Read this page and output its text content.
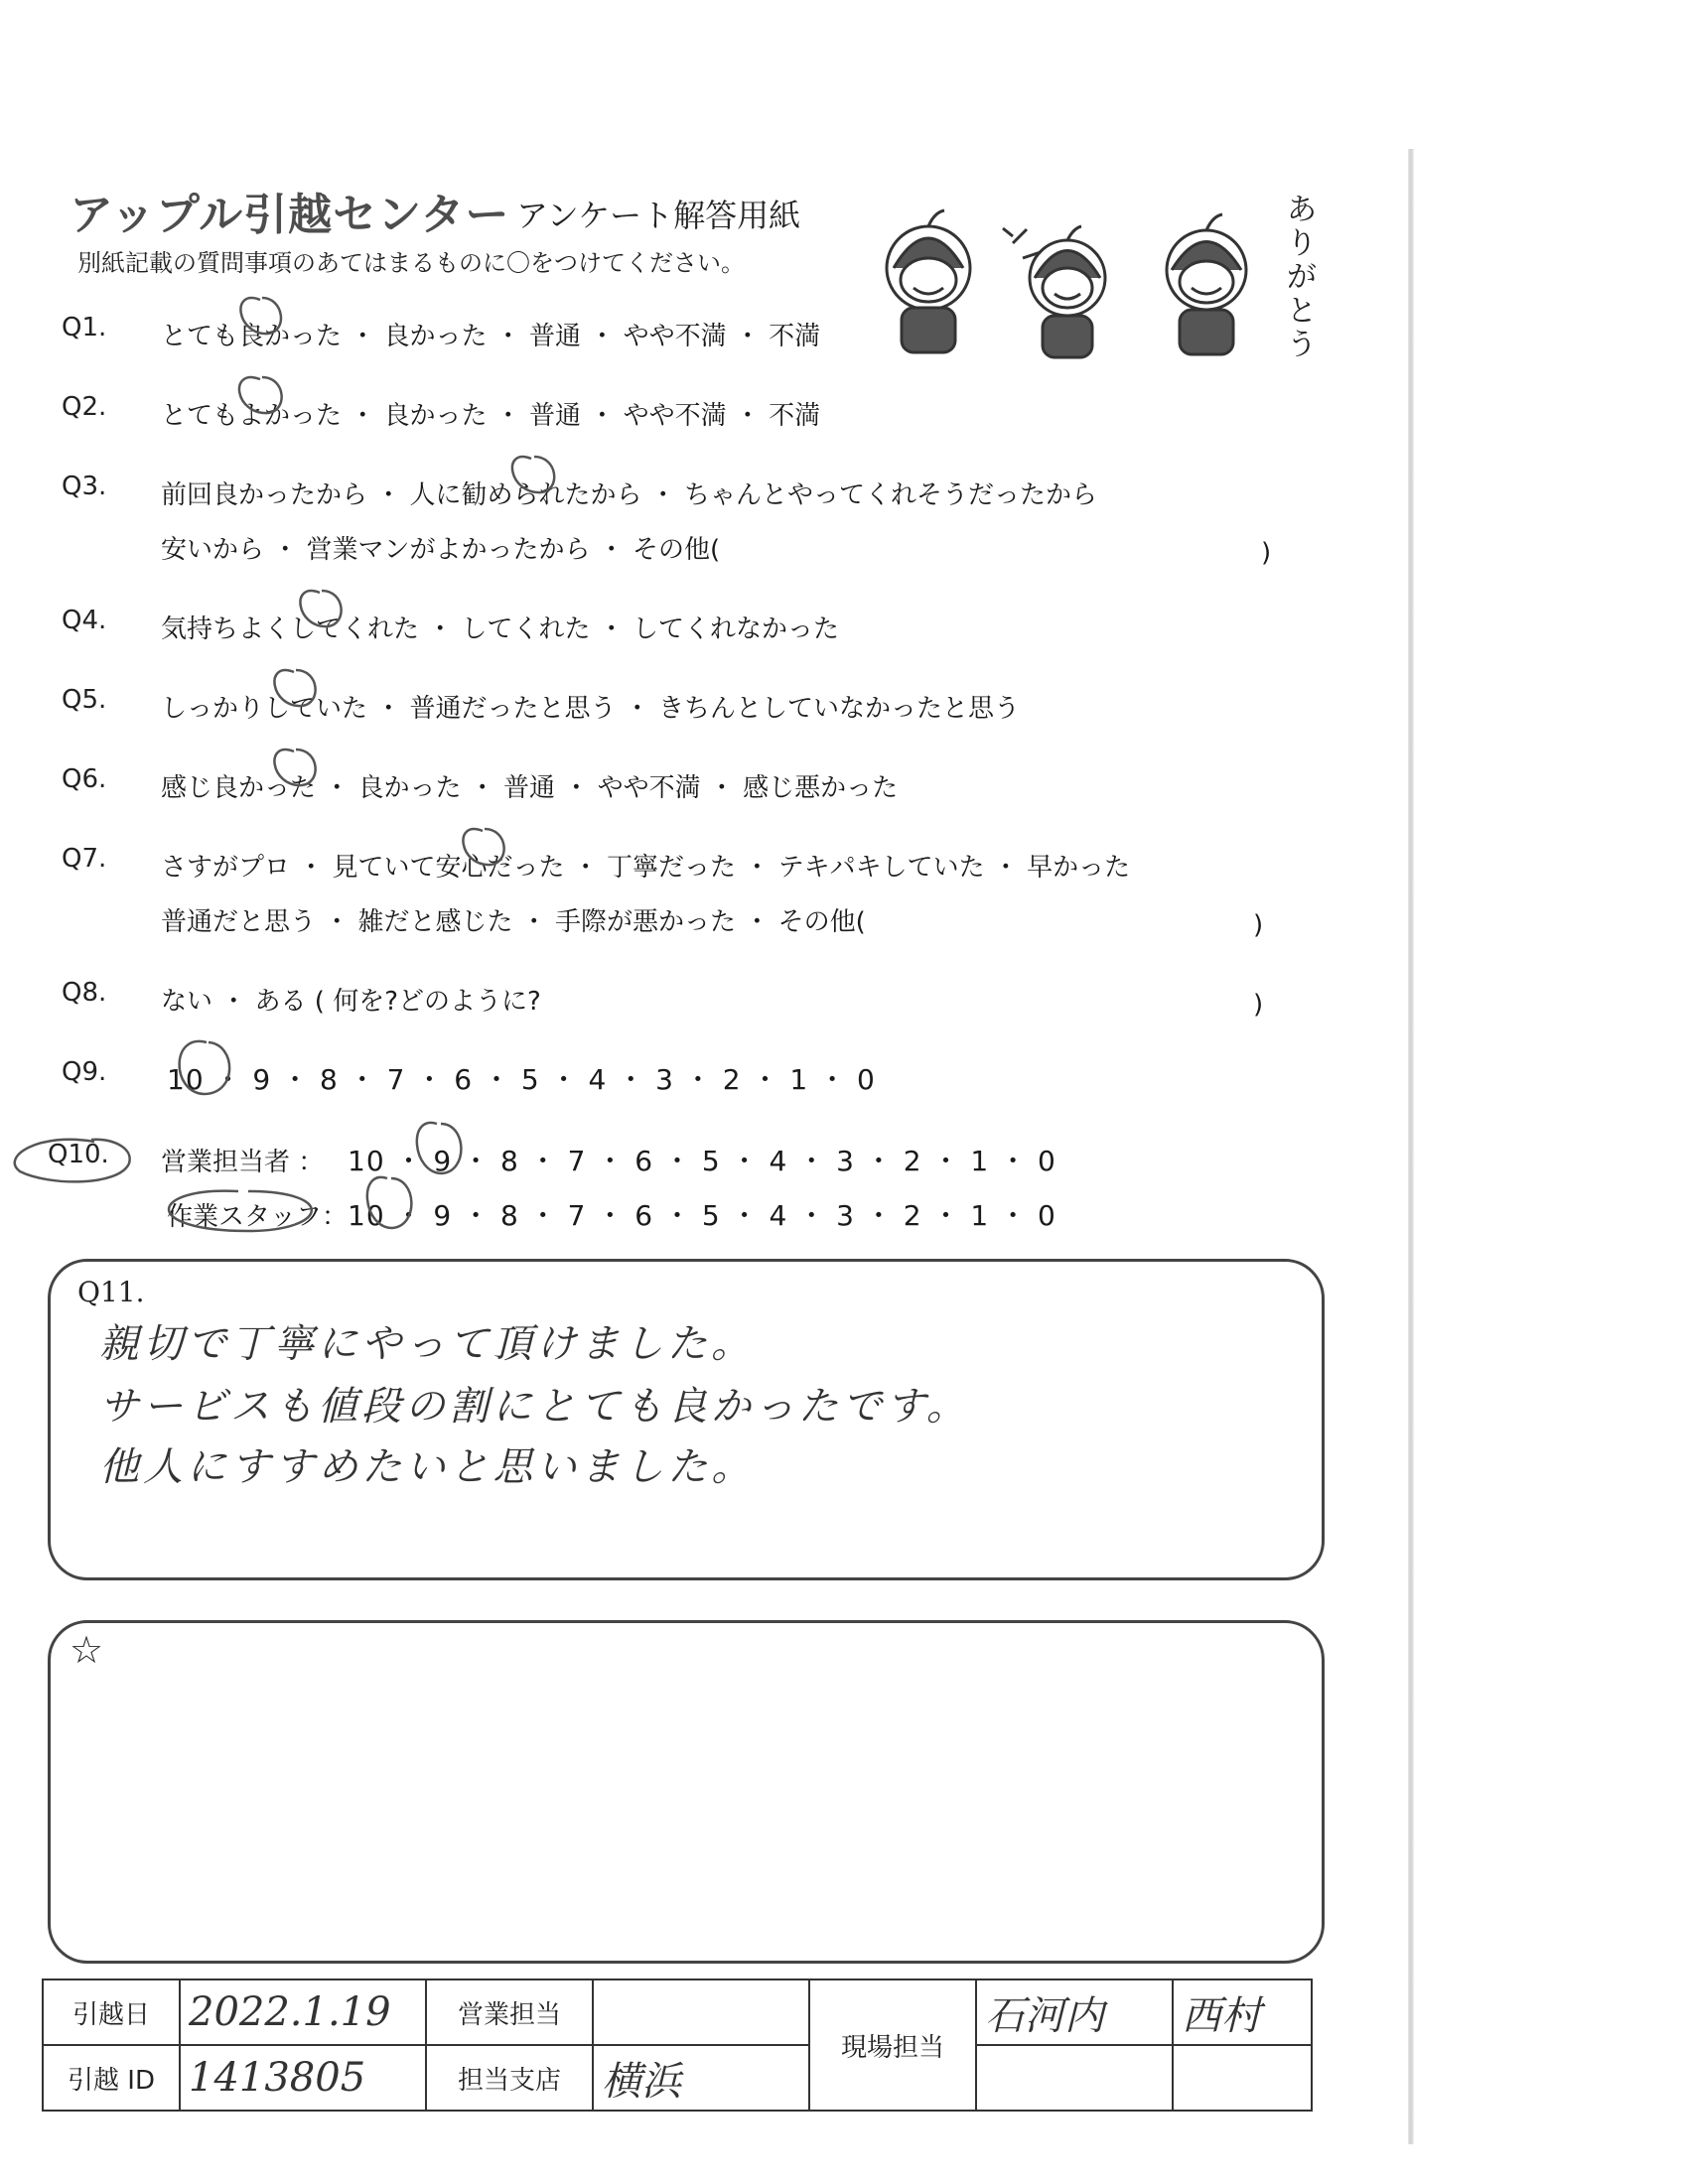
アップル引越センター アンケート解答用紙
別紙記載の質問事項のあてはまるものに〇をつけてください。
ありがとう
Q1. とても良かった ・ 良かった ・ 普通 ・ やや不満 ・ 不満
Q2. とてもよかった ・ 良かった ・ 普通 ・ やや不満 ・ 不満
Q3. 前回良かったから ・ 人に勧められたから ・ ちゃんとやってくれそうだったから
安いから ・ 営業マンがよかったから ・ その他(	)
Q4. 気持ちよくしてくれた ・ してくれた ・ してくれなかった
Q5. しっかりしていた ・ 普通だったと思う ・ きちんとしていなかったと思う
Q6. 感じ良かった ・ 良かった ・ 普通 ・ やや不満 ・ 感じ悪かった
Q7. さすがプロ ・ 見ていて安心だった ・ 丁寧だった ・ テキパキしていた ・ 早かった
普通だと思う ・ 雑だと感じた ・ 手際が悪かった ・ その他(	)
Q8. ない ・ ある ( 何を?どのように?	)
Q9. 10 ・ 9 ・ 8 ・ 7 ・ 6 ・ 5 ・ 4 ・ 3 ・ 2 ・ 1 ・ 0
Q10. 営業担当者 ： 10 ・ 9 ・ 8 ・ 7 ・ 6 ・ 5 ・ 4 ・ 3 ・ 2 ・ 1 ・ 0
作業スタッフ： 10 ・ 9 ・ 8 ・ 7 ・ 6 ・ 5 ・ 4 ・ 3 ・ 2 ・ 1 ・ 0
Q11.
親切で丁寧にやって頂けました。
サービスも値段の割にとても良かったです。
他人にすすめたいと思いました。
☆
引越日	2022.1.19	営業担当		現場担当	石河内	西村
引越 ID	1413805	担当支店	横浜			
